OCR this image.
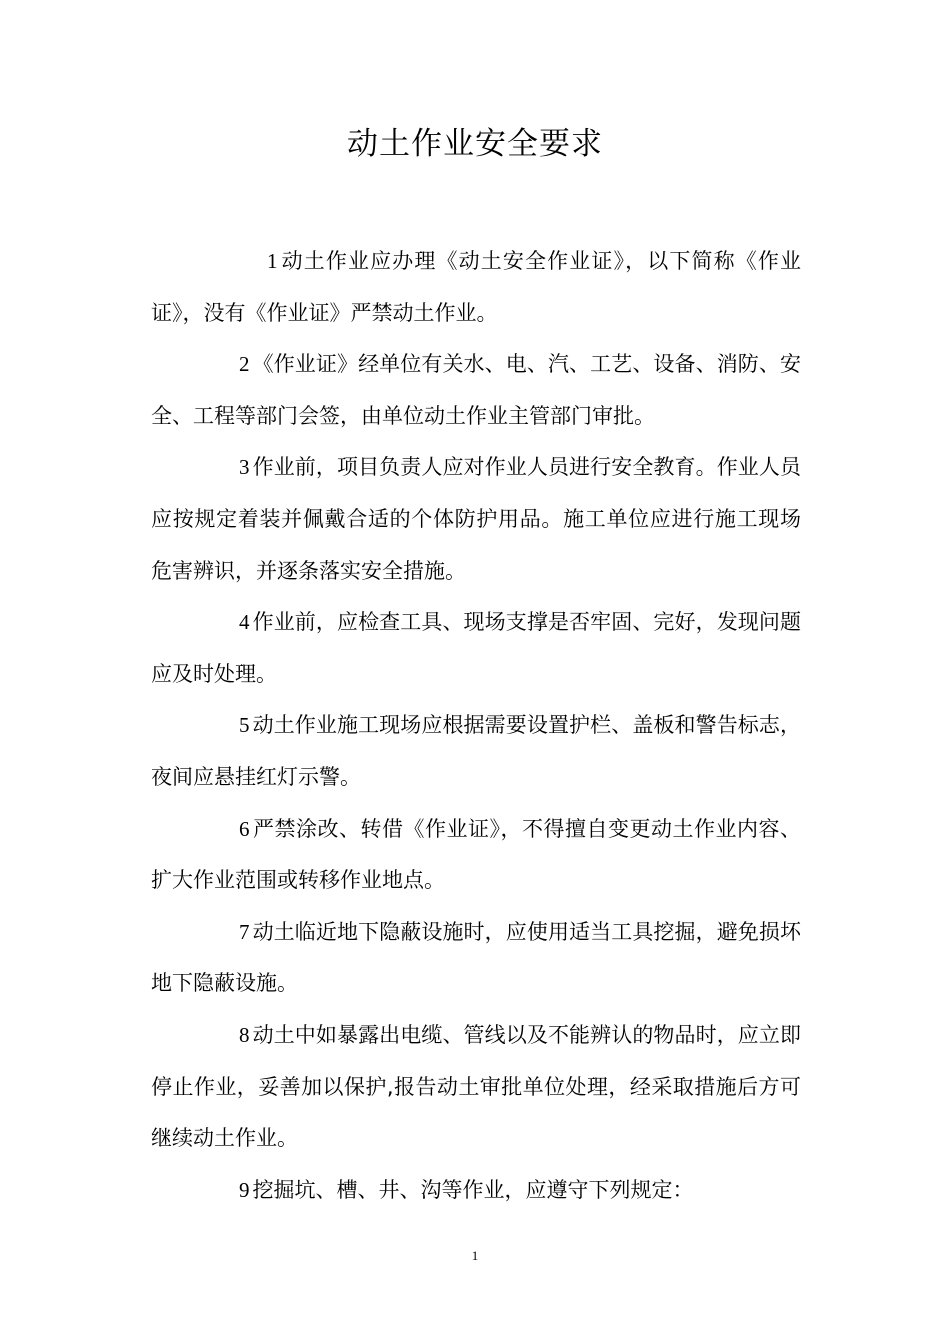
动土作业安全要求

1 动土作业应办理《动土安全作业证》，以下简称《作业证》，没有《作业证》严禁动土作业。

2 《作业证》经单位有关水、电、汽、工艺、设备、消防、安全、工程等部门会签，由单位动土作业主管部门审批。

3 作业前，项目负责人应对作业人员进行安全教育。作业人员应按规定着装并佩戴合适的个体防护用品。施工单位应进行施工现场危害辨识，并逐条落实安全措施。

4 作业前，应检查工具、现场支撑是否牢固、完好，发现问题应及时处理。

5 动土作业施工现场应根据需要设置护栏、盖板和警告标志，夜间应悬挂红灯示警。

6 严禁涂改、转借《作业证》，不得擅自变更动土作业内容、扩大作业范围或转移作业地点。

7 动土临近地下隐蔽设施时，应使用适当工具挖掘，避免损坏地下隐蔽设施。

8 动土中如暴露出电缆、管线以及不能辨认的物品时，应立即停止作业，妥善加以保护,报告动土审批单位处理，经采取措施后方可继续动土作业。

9 挖掘坑、槽、井、沟等作业，应遵守下列规定：

1
